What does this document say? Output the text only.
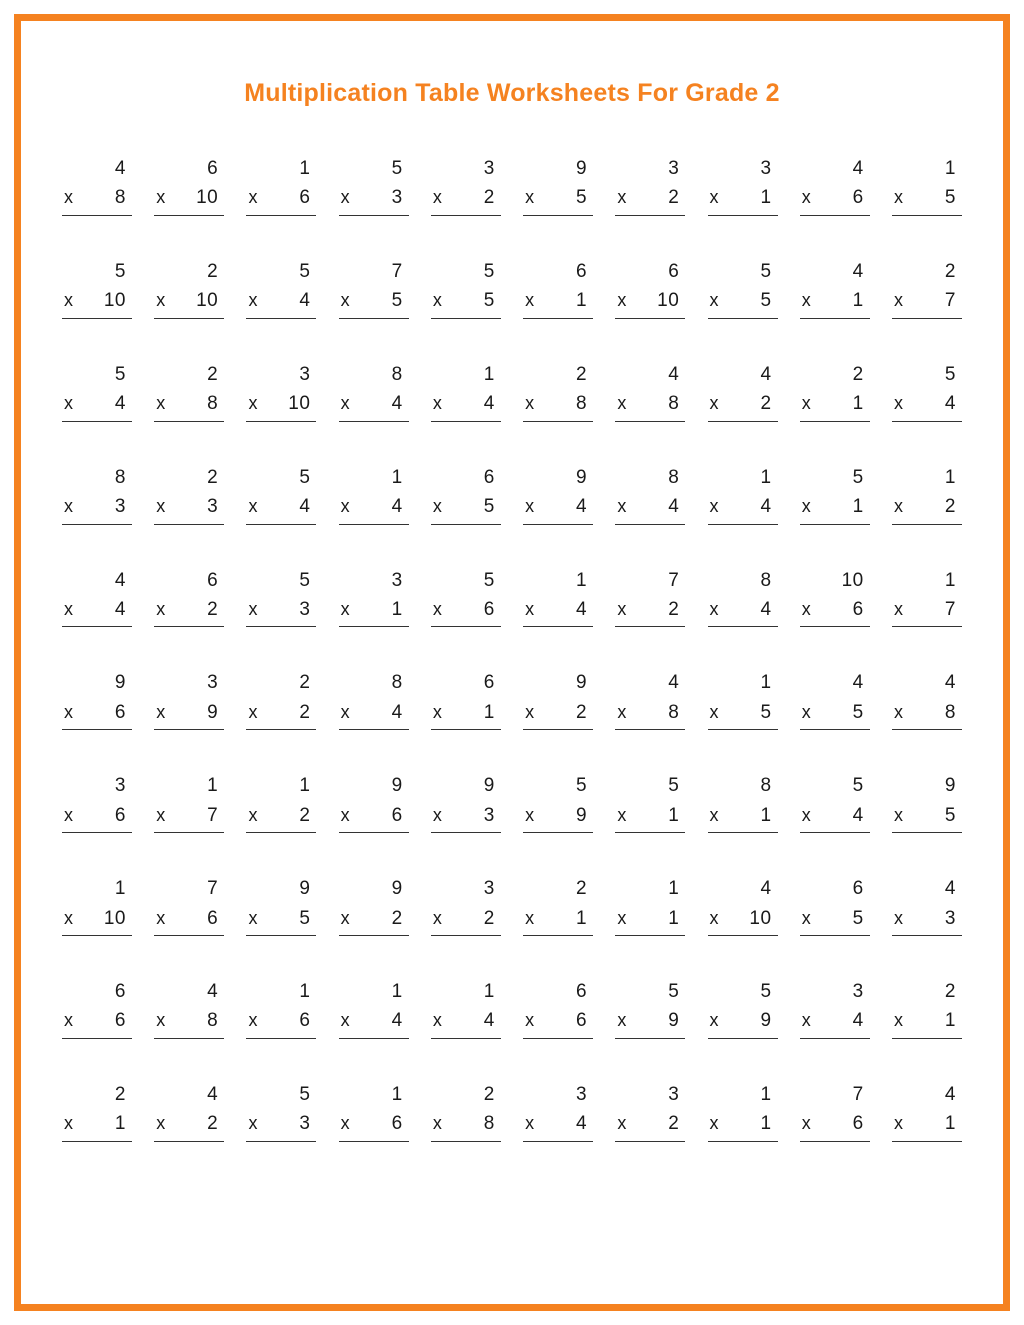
Multiplication Table Worksheets For Grade 2
4
x 8
6
x 10
1
x 6
5
x 3
3
x 2
9
x 5
3
x 2
3
x 1
4
x 6
1
x 5
5
x 10
2
x 10
5
x 4
7
x 5
5
x 5
6
x 1
6
x 10
5
x 5
4
x 1
2
x 7
5
x 4
2
x 8
3
x 10
8
x 4
1
x 4
2
x 8
4
x 8
4
x 2
2
x 1
5
x 4
8
x 3
2
x 3
5
x 4
1
x 4
6
x 5
9
x 4
8
x 4
1
x 4
5
x 1
1
x 2
4
x 4
6
x 2
5
x 3
3
x 1
5
x 6
1
x 4
7
x 2
8
x 4
10
x 6
1
x 7
9
x 6
3
x 9
2
x 2
8
x 4
6
x 1
9
x 2
4
x 8
1
x 5
4
x 5
4
x 8
3
x 6
1
x 7
1
x 2
9
x 6
9
x 3
5
x 9
5
x 1
8
x 1
5
x 4
9
x 5
1
x 10
7
x 6
9
x 5
9
x 2
3
x 2
2
x 1
1
x 1
4
x 10
6
x 5
4
x 3
6
x 6
4
x 8
1
x 6
1
x 4
1
x 4
6
x 6
5
x 9
5
x 9
3
x 4
2
x 1
2
x 1
4
x 2
5
x 3
1
x 6
2
x 8
3
x 4
3
x 2
1
x 1
7
x 6
4
x 1
